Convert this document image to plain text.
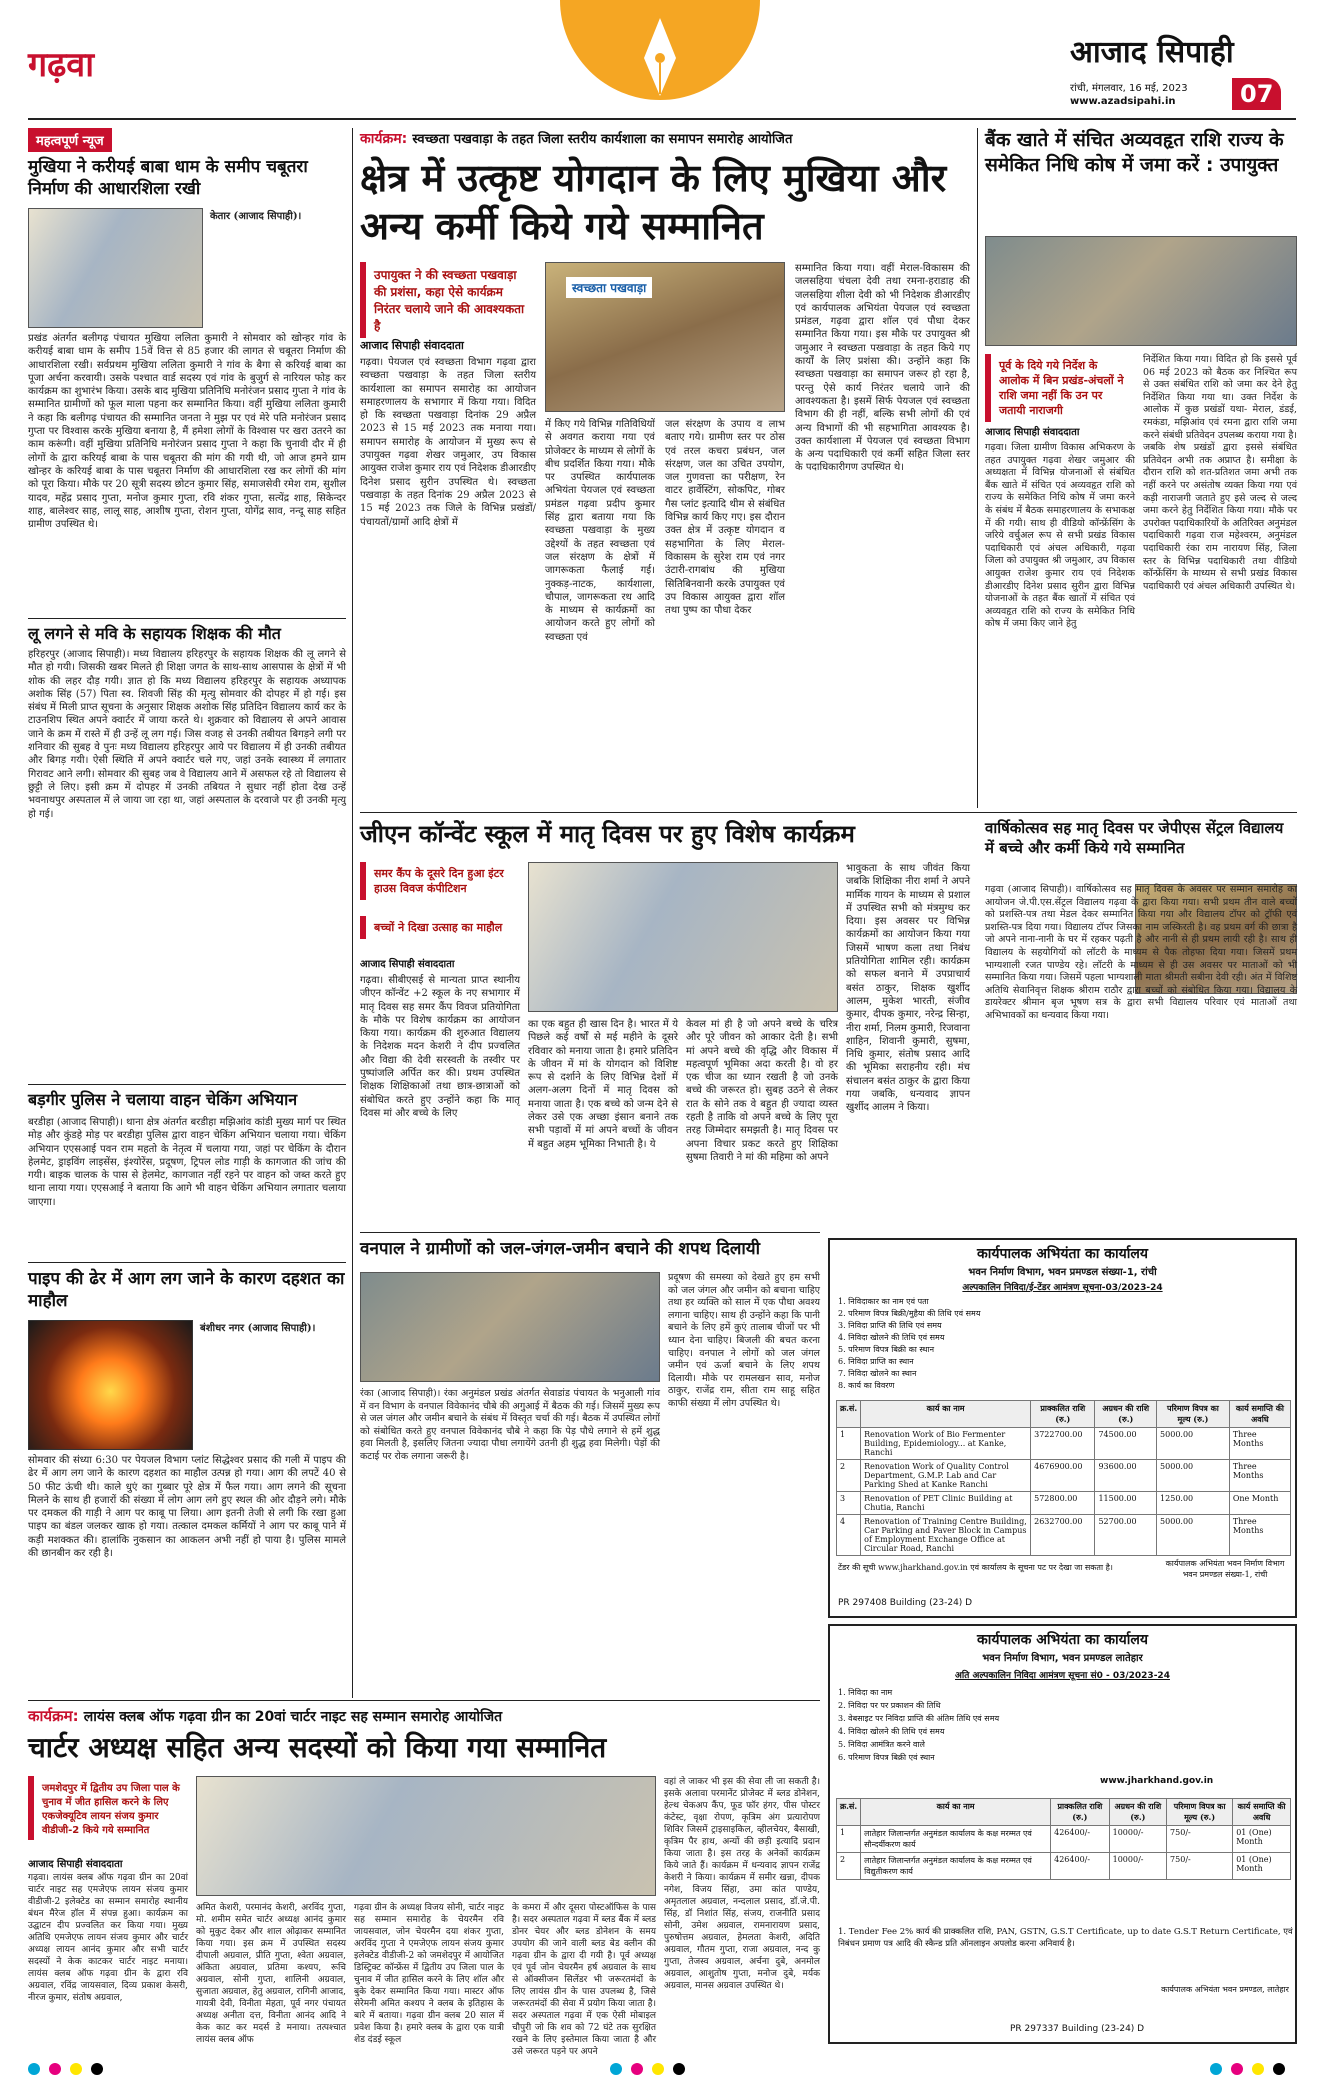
गढ़वा	आजाद सिपाही
रांची, मंगलवार, 16 मई, 2023
www.azadsipahi.in	07
महत्वपूर्ण न्यूज
मुखिया ने करीयई बाबा धाम के समीप चबूतरा निर्माण की आधारशिला रखी
केतार (आजाद सिपाही)।
प्रखंड अंतर्गत बलीगढ़ पंचायत मुखिया ललिता कुमारी ने सोमवार को खोन्हर गांव के करीयई बाबा धाम के समीप 15वें वित्त से 85 हजार की लागत से चबूतरा निर्माण की आधारशिला रखी। सर्वप्रथम मुखिया ललिता कुमारी ने गांव के बैगा से करियई बाबा का पूजा अर्चना करवायी। उसके पश्चात वार्ड सदस्य एवं गांव के बुजुर्ग से नारियल फोड़ कर कार्यक्रम का शुभारंभ किया। उसके बाद मुखिया प्रतिनिधि मनोरंजन प्रसाद गुप्ता ने गांव के सम्मानित ग्रामीणों को फूल माला पहना कर सम्मानित किया। वहीं मुखिया ललिता कुमारी ने कहा कि बलीगढ़ पंचायत की सम्मानित जनता ने मुझ पर एवं मेरे पति मनोरंजन प्रसाद गुप्ता पर विश्वास करके मुखिया बनाया है, मैं हमेशा लोगों के विश्वास पर खरा उतरने का काम करूंगी। वहीं मुखिया प्रतिनिधि मनोरंजन प्रसाद गुप्ता ने कहा कि चुनावी दौर में ही लोगों के द्वारा करियई बाबा के पास चबूतरा की मांग की गयी थी, जो आज हमने ग्राम खोन्हर के करियई बाबा के पास चबूतरा निर्माण की आधारशिला रख कर लोगों की मांग को पूरा किया। मौके पर 20 सूत्री सदस्य छोटन कुमार सिंह, समाजसेवी रमेश राम, सुशील यादव, महेंद्र प्रसाद गुप्ता, मनोज कुमार गुप्ता, रवि शंकर गुप्ता, सत्येंद्र शाह, सिकेन्दर शाह, बालेश्वर साह, लालू साह, आशीष गुप्ता, रोशन गुप्ता, योगेंद्र साव, नन्दू साह सहित ग्रामीण उपस्थित थे।
लू लगने से मवि के सहायक शिक्षक की मौत
हरिहरपुर (आजाद सिपाही)। मध्य विद्यालय हरिहरपुर के सहायक शिक्षक की लू लगने से मौत हो गयी। जिसकी खबर मिलते ही शिक्षा जगत के साथ-साथ आसपास के क्षेत्रों में भी शोक की लहर दौड़ गयी। ज्ञात हो कि मध्य विद्यालय हरिहरपुर के सहायक अध्यापक अशोक सिंह (57) पिता स्व. शिवजी सिंह की मृत्यु सोमवार की दोपहर में हो गई। इस संबंध में मिली प्राप्त सूचना के अनुसार शिक्षक अशोक सिंह प्रतिदिन विद्यालय कार्य कर के टाउनशिप स्थित अपने क्वार्टर में जाया करते थे। शुक्रवार को विद्यालय से अपने आवास जाने के क्रम में रास्ते में ही उन्हें लू लग गई। जिस वजह से उनकी तबीयत बिगड़ने लगी पर शनिवार की सुबह वे पुनः मध्य विद्यालय हरिहरपुर आये पर विद्यालय में ही उनकी तबीयत और बिगड़ गयी। ऐसी स्थिति में अपने क्वार्टर चले गए, जहां उनके स्वास्थ्य में लगातार गिरावट आने लगी। सोमवार की सुबह जब वे विद्यालय आने में असफल रहे तो विद्यालय से छुट्टी ले लिए। इसी क्रम में दोपहर में उनकी तबियत ने सुधार नहीं होता देख उन्हें भवनाथपुर अस्पताल में ले जाया जा रहा था, जहां अस्पताल के दरवाजे पर ही उनकी मृत्यु हो गई।
बड़गीर पुलिस ने चलाया वाहन चेकिंग अभियान
बरडीहा (आजाद सिपाही)। थाना क्षेत्र अंतर्गत बरडीहा मझिआंव कांडी मुख्य मार्ग पर स्थित मोड़ और कुंडहे मोड़ पर बरडीहा पुलिस द्वारा वाहन चेकिंग अभियान चलाया गया। चेकिंग अभियान एएसआई पवन राम महतो के नेतृत्व में चलाया गया, जहां पर चेकिंग के दौरान हेलमेट, ड्राइविंग लाइसेंस, इंश्योरेंस, प्रदूषण, ट्रिपल लोड गाड़ी के कागजात की जांच की गयी। बाइक चालक के पास से हेलमेट, कागजात नहीं रहने पर वाहन को जब्त करते हुए थाना लाया गया। एएसआई ने बताया कि आगे भी वाहन चेकिंग अभियान लगातार चलाया जाएगा।
पाइप की ढेर में आग लग जाने के कारण दहशत का माहौल
बंशीधर नगर (आजाद सिपाही)।
सोमवार की संध्या 6:30 पर पेयजल विभाग प्लांट सिद्धेश्वर प्रसाद की गली में पाइप की ढेर में आग लग जाने के कारण दहशत का माहौल उत्पन्न हो गया। आग की लपटें 40 से 50 फीट ऊंची थी। काले धुएं का गुब्बार पूरे क्षेत्र में फैल गया। आग लगने की सूचना मिलने के साथ ही हजारों की संख्या में लोग आग लगे हुए स्थल की ओर दौड़ने लगे। मौके पर दमकल की गाड़ी ने आग पर काबू पा लिया। आग इतनी तेजी से लगी कि रखा हुआ पाइप का बंडल जलकर खाक हो गया। तत्काल दमकल कर्मियों ने आग पर काबू पाने में कड़ी मशक्कत की। हालांकि नुकसान का आकलन अभी नहीं हो पाया है। पुलिस मामले की छानबीन कर रही है।
कार्यक्रम: स्वच्छता पखवाड़ा के तहत जिला स्तरीय कार्यशाला का समापन समारोह आयोजित
क्षेत्र में उत्कृष्ट योगदान के लिए मुखिया और अन्य कर्मी किये गये सम्मानित
उपायुक्त ने की स्वच्छता पखवाड़ा की प्रशंसा, कहा ऐसे कार्यक्रम निरंतर चलाये जाने की आवश्यकता है
आजाद सिपाही संवाददाता
स्वच्छता पखवाड़ा
गढ़वा। पेयजल एवं स्वच्छता विभाग गढ़वा द्वारा स्वच्छता पखवाड़ा के तहत जिला स्तरीय कार्यशाला का समापन समारोह का आयोजन समाहरणालय के सभागार में किया गया। विदित हो कि स्वच्छता पखवाड़ा दिनांक 29 अप्रैल 2023 से 15 मई 2023 तक मनाया गया। समापन समारोह के आयोजन में मुख्य रूप से उपायुक्त गढ़वा शेखर जमुआर, उप विकास आयुक्त राजेश कुमार राय एवं निदेशक डीआरडीए दिनेश प्रसाद सुरीन उपस्थित थे। स्वच्छता पखवाड़ा के तहत दिनांक 29 अप्रैल 2023 से 15 मई 2023 तक जिले के विभिन्न प्रखंडों/पंचायतों/ग्रामों आदि क्षेत्रों में
में किए गये विभिन्न गतिविधियों से अवगत कराया गया एवं प्रोजेक्टर के माध्यम से लोगों के बीच प्रदर्शित किया गया। मौके पर उपस्थित कार्यपालक अभियंता पेयजल एवं स्वच्छता प्रमंडल गढ़वा प्रदीप कुमार सिंह द्वारा बताया गया कि स्वच्छता पखवाड़ा के मुख्य उद्देश्यों के तहत स्वच्छता एवं जल संरक्षण के क्षेत्रों में जागरूकता फैलाई गई। नुक्कड़-नाटक, कार्यशाला, चौपाल, जागरूकता रथ आदि के माध्यम से कार्यक्रमों का आयोजन करते हुए लोगों को स्वच्छता एवं
जल संरक्षण के उपाय व लाभ बताए गये। ग्रामीण स्तर पर ठोस एवं तरल कचरा प्रबंधन, जल संरक्षण, जल का उचित उपयोग, जल गुणवत्ता का परीक्षण, रेन वाटर हार्वेस्टिंग, सोकपिट, गोबर गैस प्लांट इत्यादि थीम से संबंधित विभिन्न कार्य किए गए। इस दौरान उक्त क्षेत्र में उत्कृष्ट योगदान व सहभागिता के लिए मेराल-विकासम के सुरेश राम एवं नगर उंटारी-रागबांध की मुखिया सितिबिनवानी करके उपायुक्त एवं उप विकास आयुक्त द्वारा शॉल तथा पुष्प का पौधा देकर
सम्मानित किया गया। वहीं मेराल-विकासम की जलसहिया चंचला देवी तथा रमना-हराडाह की जलसहिया शीला देवी को भी निदेशक डीआरडीए एवं कार्यपालक अभियंता पेयजल एवं स्वच्छता प्रमंडल, गढ़वा द्वारा शॉल एवं पौधा देकर सम्मानित किया गया। इस मौके पर उपायुक्त श्री जमुआर ने स्वच्छता पखवाड़ा के तहत किये गए कार्यों के लिए प्रशंसा की। उन्होंने कहा कि स्वच्छता पखवाड़ा का समापन जरूर हो रहा है, परन्तु ऐसे कार्य निरंतर चलाये जाने की आवश्यकता है। इसमें सिर्फ पेयजल एवं स्वच्छता विभाग की ही नहीं, बल्कि सभी लोगों की एवं अन्य विभागों की भी सहभागिता आवश्यक है। उक्त कार्यशाला में पेयजल एवं स्वच्छता विभाग के अन्य पदाधिकारी एवं कर्मी सहित जिला स्तर के पदाधिकारीगण उपस्थित थे।
बैंक खाते में संचित अव्यवहृत राशि राज्य के समेकित निधि कोष में जमा करें : उपायुक्त
पूर्व के दिये गये निर्देश के आलोक में बिन प्रखंड-अंचलों ने राशि जमा नहीं कि उन पर जतायी नाराजगी
आजाद सिपाही संवाददाता
गढ़वा। जिला ग्रामीण विकास अभिकरण के तहत उपायुक्त गढ़वा शेखर जमुआर की अध्यक्षता में विभिन्न योजनाओं से संबंधित बैंक खाते में संचित एवं अव्यवहृत राशि को राज्य के समेकित निधि कोष में जमा करने के संबंध में बैठक समाहरणालय के सभाकक्ष में की गयी। साथ ही वीडियो कॉन्फ्रेंसिंग के जरिये वर्चुअल रूप से सभी प्रखंड विकास पदाधिकारी एवं अंचल अधिकारी, गढ़वा जिला को उपायुक्त श्री जमुआर, उप विकास आयुक्त राजेश कुमार राय एवं निदेशक डीआरडीए दिनेश प्रसाद सुरीन द्वारा विभिन्न योजनाओं के तहत बैंक खातों में संचित एवं अव्यवहृत राशि को राज्य के समेकित निधि कोष में जमा किए जाने हेतु
निर्देशित किया गया। विदित हो कि इससे पूर्व 06 मई 2023 को बैठक कर निश्चित रूप से उक्त संबंधित राशि को जमा कर देने हेतु निर्देशित किया गया था। उक्त निर्देश के आलोक में कुछ प्रखंडों यथा- मेराल, डंडई, रमकंडा, मझिआंव एवं रमना द्वारा राशि जमा करने संबंधी प्रतिवेदन उपलब्ध कराया गया है। जबकि शेष प्रखंडों द्वारा इससे संबंधित प्रतिवेदन अभी तक अप्राप्त है। समीक्षा के दौरान राशि को शत-प्रतिशत जमा अभी तक नहीं करने पर असंतोष व्यक्त किया गया एवं कड़ी नाराजगी जताते हुए इसे जल्द से जल्द जमा करने हेतु निर्देशित किया गया। मौके पर उपरोक्त पदाधिकारियों के अतिरिक्त अनुमंडल पदाधिकारी गढ़वा राज महेश्वरम, अनुमंडल पदाधिकारी रंका राम नारायण सिंह, जिला स्तर के विभिन्न पदाधिकारी तथा वीडियो कॉन्फ्रेंसिंग के माध्यम से सभी प्रखंड विकास पदाधिकारी एवं अंचल अधिकारी उपस्थित थे।
जीएन कॉन्वेंट स्कूल में मातृ दिवस पर हुए विशेष कार्यक्रम
समर कैंप के दूसरे दिन हुआ इंटर हाउस विवज कंपीटिशन
बच्चों ने दिखा उत्साह का माहौल
आजाद सिपाही संवाददाता
गढ़वा। सीबीएसई से मान्यता प्राप्त स्थानीय जीएन कॉन्वेंट +2 स्कूल के नए सभागार में मातृ दिवस सह समर कैंप विवज प्रतियोगिता के मौके पर विशेष कार्यक्रम का आयोजन किया गया। कार्यक्रम की शुरुआत विद्यालय के निदेशक मदन केशरी ने दीप प्रज्वलित और विद्या की देवी सरस्वती के तस्वीर पर पुष्पांजलि अर्पित कर की। प्रथम उपस्थित शिक्षक शिक्षिकाओं तथा छात्र-छात्राओं को संबोधित करते हुए उन्होंने कहा कि मातृ दिवस मां और बच्चे के लिए
का एक बहुत ही खास दिन है। भारत में ये पिछले कई वर्षों से मई महीने के दूसरे रविवार को मनाया जाता है। हमारे प्रतिदिन के जीवन में मां के योगदान को विशिष्ट रूप से दर्शाने के लिए विभिन्न देशों में अलग-अलग दिनों में मातृ दिवस को मनाया जाता है। एक बच्चे को जन्म देने से लेकर उसे एक अच्छा इंसान बनाने तक सभी पड़ावों में मां अपने बच्चों के जीवन में बहुत अहम भूमिका निभाती है। ये
केवल मां ही है जो अपने बच्चे के चरित्र और पूरे जीवन को आकार देती है। सभी मां अपने बच्चे की वृद्धि और विकास में महत्वपूर्ण भूमिका अदा करती है। वो हर एक चीज का ध्यान रखती है जो उनके बच्चे की जरूरत हो। सुबह उठने से लेकर रात के सोने तक वे बहुत ही ज्यादा व्यस्त रहती है ताकि वो अपने बच्चे के लिए पूरा तरह जिम्मेदार समझती है। मातृ दिवस पर अपना विचार प्रकट करते हुए शिक्षिका सुषमा तिवारी ने मां की महिमा को अपने
भावुकता के साथ जीवंत किया जबकि शिक्षिका नीरा शर्मा ने अपने मार्मिक गायन के माध्यम से प्रशाल में उपस्थित सभी को मंत्रमुग्ध कर दिया। इस अवसर पर विभिन्न कार्यक्रमों का आयोजन किया गया जिसमें भाषण कला तथा निबंध प्रतियोगिता शामिल रही। कार्यक्रम को सफल बनाने में उपप्राचार्य बसंत ठाकुर, शिक्षक खुर्शीद आलम, मुकेश भारती, संजीव कुमार, दीपक कुमार, नरेन्द्र सिन्हा, नीरा शर्मा, निलम कुमारी, रिजवाना शाहिन, शिवानी कुमारी, सुषमा, निधि कुमार, संतोष प्रसाद आदि की भूमिका सराहनीय रही। मंच संचालन बसंत ठाकुर के द्वारा किया गया जबकि, धन्यवाद ज्ञापन खुर्शीद आलम ने किया।
वार्षिकोत्सव सह मातृ दिवस पर जेपीएस सेंट्रल विद्यालय में बच्चे और कर्मी किये गये सम्मानित
गढ़वा (आजाद सिपाही)। वार्षिकोत्सव सह मातृ दिवस के अवसर पर सम्मान समारोह का आयोजन जे.पी.एस.सेंट्रल विद्यालय गढ़वा के द्वारा किया गया। सभी प्रथम तीन वाले बच्चों को प्रशस्ति-पत्र तथा मेडल देकर सम्मानित किया गया और विद्यालय टॉपर को ट्रॉफी एवं प्रशस्ति-पत्र दिया गया। विद्यालय टॉपर जिसका नाम जस्किरती है। वह प्रथम वर्ग की छात्रा है जो अपने नाना-नानी के घर में रहकर पढ़ती है और नानी से ही प्रथम लायी रही है। साथ ही विद्यालय के सहयोगियों को लॉटरी के माध्यम से पैक तोहफा दिया गया। जिसमें प्रथम भाग्यशाली रजत पाण्डेय रहे। लॉटरी के माध्यम से ही उस अवसर पर माताओं को भी सम्मानित किया गया। जिसमें पहला भाग्यशाली माता श्रीमती सबीना देवी रही। अंत में विशिष्ट अतिथि सेवानिवृत्त शिक्षक श्रीराम राठौर द्वारा बच्चों को संबोधित किया गया। विद्यालय के डायरेक्टर श्रीमान बृज भूषण सत्र के द्वारा सभी विद्यालय परिवार एवं माताओं तथा अभिभावकों का धन्यवाद किया गया।
वनपाल ने ग्रामीणों को जल-जंगल-जमीन बचाने की शपथ दिलायी
रंका (आजाद सिपाही)। रंका अनुमंडल प्रखंड अंतर्गत सेवाडांड पंचायत के भनुआली गांव में वन विभाग के वनपाल विवेकानंद चौबे की अगुआई में बैठक की गई। जिसमें मुख्य रूप से जल जंगल और जमीन बचाने के संबंध में विस्तृत चर्चा की गई। बैठक में उपस्थित लोगों को संबोधित करते हुए वनपाल विवेकानंद चौबे ने कहा कि पेड़ पौधे लगाने से हमें शुद्ध हवा मिलती है, इसलिए जितना ज्यादा पौधा लगायेंगे उतनी ही शुद्ध हवा मिलेगी। पेड़ों की कटाई पर रोक लगाना जरूरी है।
प्रदूषण की समस्या को देखते हुए हम सभी को जल जंगल और जमीन को बचाना चाहिए तथा हर व्यक्ति को साल में एक पौधा अवश्य लगाना चाहिए। साथ ही उन्होंने कहा कि पानी बचाने के लिए हमें कुएं तालाब चीजों पर भी ध्यान देना चाहिए। बिजली की बचत करना चाहिए। वनपाल ने लोगों को जल जंगल जमीन एवं ऊर्जा बचाने के लिए शपथ दिलायी। मौके पर रामलखन साव, मनोज ठाकुर, राजेंद्र राम, सीता राम साहू सहित काफी संख्या में लोग उपस्थित थे।
कार्यपालक अभियंता का कार्यालय
भवन निर्माण विभाग, भवन प्रमण्डल संख्या-1, रांची
अल्पकालिन निविदा/ई-टेंडर आमंत्रण सूचना-03/2023-24
1. निविदाकार का नाम एवं पता
2. परिमाण विपत्र बिक्री/मुहैया की तिथि एवं समय
3. निविदा प्राप्ति की तिथि एवं समय
4. निविदा खोलने की तिथि एवं समय
5. परिमाण विपत्र बिक्री का स्थान
6. निविदा प्राप्ति का स्थान
7. निविदा खोलने का स्थान
8. कार्य का विवरण
क्र.सं.	कार्य का नाम	प्राक्कलित राशि (रु.)	अग्रधन की राशि (रु.)	परिमाण विपत्र का मूल्य (रु.)	कार्य समाप्ति की अवधि
1	Renovation Work of Bio Fermenter Building, Epidemiology... at Kanke, Ranchi	3722700.00	74500.00	5000.00	Three Months
2	Renovation Work of Quality Control Department, G.M.P. Lab and Car Parking Shed at Kanke Ranchi	4676900.00	93600.00	5000.00	Three Months
3	Renovation of PET Clinic Building at Chutia, Ranchi	572800.00	11500.00	1250.00	One Month
4	Renovation of Training Centre Building, Car Parking and Paver Block in Campus of Employment Exchange Office at Circular Road, Ranchi	2632700.00	52700.00	5000.00	Three Months
टेंडर की सूची www.jharkhand.gov.in एवं कार्यालय के सूचना पट पर देखा जा सकता है।	कार्यपालक अभियंता भवन निर्माण विभाग भवन प्रमण्डल संख्या-1, रांची
PR 297408 Building (23-24) D
कार्यक्रम: लायंस क्लब ऑफ गढ़वा ग्रीन का 20वां चार्टर नाइट सह सम्मान समारोह आयोजित
चार्टर अध्यक्ष सहित अन्य सदस्यों को किया गया सम्मानित
जमशेदपुर में द्वितीय उप जिला पाल के चुनाव में जीत हासिल करने के लिए एकजेक्यूटिव लायन संजय कुमार वीडीजी-2 किये गये सम्मानित
आजाद सिपाही संवाददाता
गढ़वा। लायंस क्लब ऑफ गढ़वा ग्रीन का 20वां चार्टर नाइट सह एमजेएफ लायन संजय कुमार वीडीजी-2 इलेक्टेड का सम्मान समारोह स्थानीय बंधन मैरेज हॉल में संपन्न हुआ। कार्यक्रम का उद्घाटन दीप प्रज्वलित कर किया गया। मुख्य अतिथि एमजेएफ लायन संजय कुमार और चार्टर अध्यक्ष लायन आनंद कुमार और सभी चार्टर सदस्यों ने केक काटकर चार्टर नाइट मनाया। लायंस क्लब ऑफ गढ़वा ग्रीन के द्वारा रवि अग्रवाल, रविंद्र जायसवाल, दिव्य प्रकाश केसरी, नीरज कुमार, संतोष अग्रवाल,
अमित केशरी, परमानंद केशरी, अरविंद गुप्ता, मो. शमीम समेत चार्टर अध्यक्ष आनंद कुमार को मुकुट देकर और शाल ओढ़ाकर सम्मानित किया गया। इस क्रम में उपस्थित सदस्य दीपाली अग्रवाल, प्रीति गुप्ता, श्वेता अग्रवाल, अंकिता अग्रवाल, प्रतिमा कश्यप, रूचि अग्रवाल, सोनी गुप्ता, शालिनी अग्रवाल, सुजाता अग्रवाल, हेतु अग्रवाल, रागिनी आजाद, गायत्री देवी, विनीता मेहता, पूर्व नगर पंचायत अध्यक्ष अनीता दत्त, विनीता आनंद आदि ने केक काट कर मदर्स डे मनाया। तत्पश्चात लायंस क्लब ऑफ
गढ़वा ग्रीन के अध्यक्ष विजय सोनी, चार्टर नाइट सह सम्मान समारोह के चेयरमैन रवि जायसवाल, जोन चेयरमैन दया शंकर गुप्ता, अरविंद गुप्ता ने एमजेएफ लायन संजय कुमार इलेक्टेड वीडीजी-2 को जमशेदपुर में आयोजित डिस्ट्रिक्ट कॉन्फ्रेंस में द्वितीय उप जिला पाल के चुनाव में जीत हासिल करने के लिए शॉल और बुके देकर सम्मानित किया गया। मास्टर ऑफ सेरेमनी अमित कश्यप ने क्लब के इतिहास के बारे में बताया। गढ़वा ग्रीन क्लब 20 साल में प्रवेश किया है। हमारे क्लब के द्वारा एक यात्री शेड दंडई स्कूल
के कमरा में और दूसरा पोस्टऑफिस के पास है। सदर अस्पताल गढ़वा में ब्लड बैंक में ब्लड डोनर चेयर और ब्लड डोनेशन के समय उपयोग की जाने वाली ब्लड बेड क्लीन की गढ़वा ग्रीन के द्वारा दी गयी है। पूर्व अध्यक्ष एवं पूर्व जोन चेयरमैन हर्ष अग्रवाल के साथ से ऑक्सीजन सिलेंडर भी जरूरतमंदों के लिए लायंस ग्रीन के पास उपलब्ध है, जिसे जरूरतमंदों की सेवा में प्रयोग किया जाता है। सदर अस्पताल गढ़वा में एक ऐसी मोबाइल चौपुरी जो कि शव को 72 घंटे तक सुरक्षित रखने के लिए इस्तेमाल किया जाता है और उसे जरूरत पड़ने पर अपने
वहां ले जाकर भी इस की सेवा ली जा सकती है। इसके अलावा परमानेंट प्रोजेक्ट में ब्लड डोनेशन, हेल्थ चेकअप कैंप, फूड फॉर हंगर, पीस पोस्टर कंटेस्ट, वृक्षा रोपण, कृत्रिम अंग प्रत्यारोपण शिविर जिसमें ट्राइसाइकिल, व्हीलचेयर, बैसाखी, कृत्रिम पैर हाथ, अन्यों की छड़ी इत्यादि प्रदान किया जाता है। इस तरह के अनेकों कार्यक्रम किये जाते हैं। कार्यक्रम में धन्यवाद ज्ञापन राजेंद्र केशरी ने किया। कार्यक्रम में समीर खन्ना, दीपक नगेश, विजय सिंहा, उमा कांत पाण्डेय, अमृतलाल अग्रवाल, नन्दलाल प्रसाद, डॉ.जे.पी. सिंह, डॉ निशांत सिंह, संजय, राजनीति प्रसाद सोनी, उमेश अग्रवाल, रामनारायण प्रसाद, पुरुषोत्तम अग्रवाल, हेमलता केशरी, अदिति अग्रवाल, गौतम गुप्ता, राजा अग्रवाल, नन्द कु गुप्ता, तेजस्व अग्रवाल, अर्चना दुबे, अनमोल अग्रवाल, आशुतोष गुप्ता, मनोज दुबे, मर्यक अग्रवाल, मानस अग्रवाल उपस्थित थे।
कार्यपालक अभियंता का कार्यालय
भवन निर्माण विभाग, भवन प्रमण्डल लातेहार
अति अल्पकालिन निविदा आमंत्रण सूचना सं0 - 03/2023-24
1. निविदा का नाम
2. निविदा पर पर प्रकाशन की तिथि
3. वेबसाइट पर निविदा प्राप्ति की अंतिम तिथि एवं समय
4. निविदा खोलने की तिथि एवं समय
5. निविदा आमंत्रित करने वाले
6. परिमाण विपत्र बिक्री एवं स्थान
www.jharkhand.gov.in
क्र.सं.	कार्य का नाम	प्राक्कलित राशि (रु.)	अग्रधन की राशि (रु.)	परिमाण विपत्र का मूल्य (रु.)	कार्य समाप्ति की अवधि
1	लातेहार जिलान्तर्गत अनुमंडल कार्यालय के कक्ष मरम्मत एवं सौन्दर्यीकरण कार्य	426400/-	10000/-	750/-	01 (One) Month
2	लातेहार जिलान्तर्गत अनुमंडल कार्यालय के कक्ष मरम्मत एवं विद्युतीकरण कार्य	426400/-	10000/-	750/-	01 (One) Month
1. Tender Fee 2% कार्य की प्राक्कलित राशि, PAN, GSTN, G.S.T Certificate, up to date G.S.T Return Certificate, एवं निबंधन प्रमाण पत्र आदि की स्कैन्ड प्रति ऑनलाइन अपलोड करना अनिवार्य है।
कार्यपालक अभियंता भवन प्रमण्डल, लातेहार
PR 297337 Building (23-24) D
